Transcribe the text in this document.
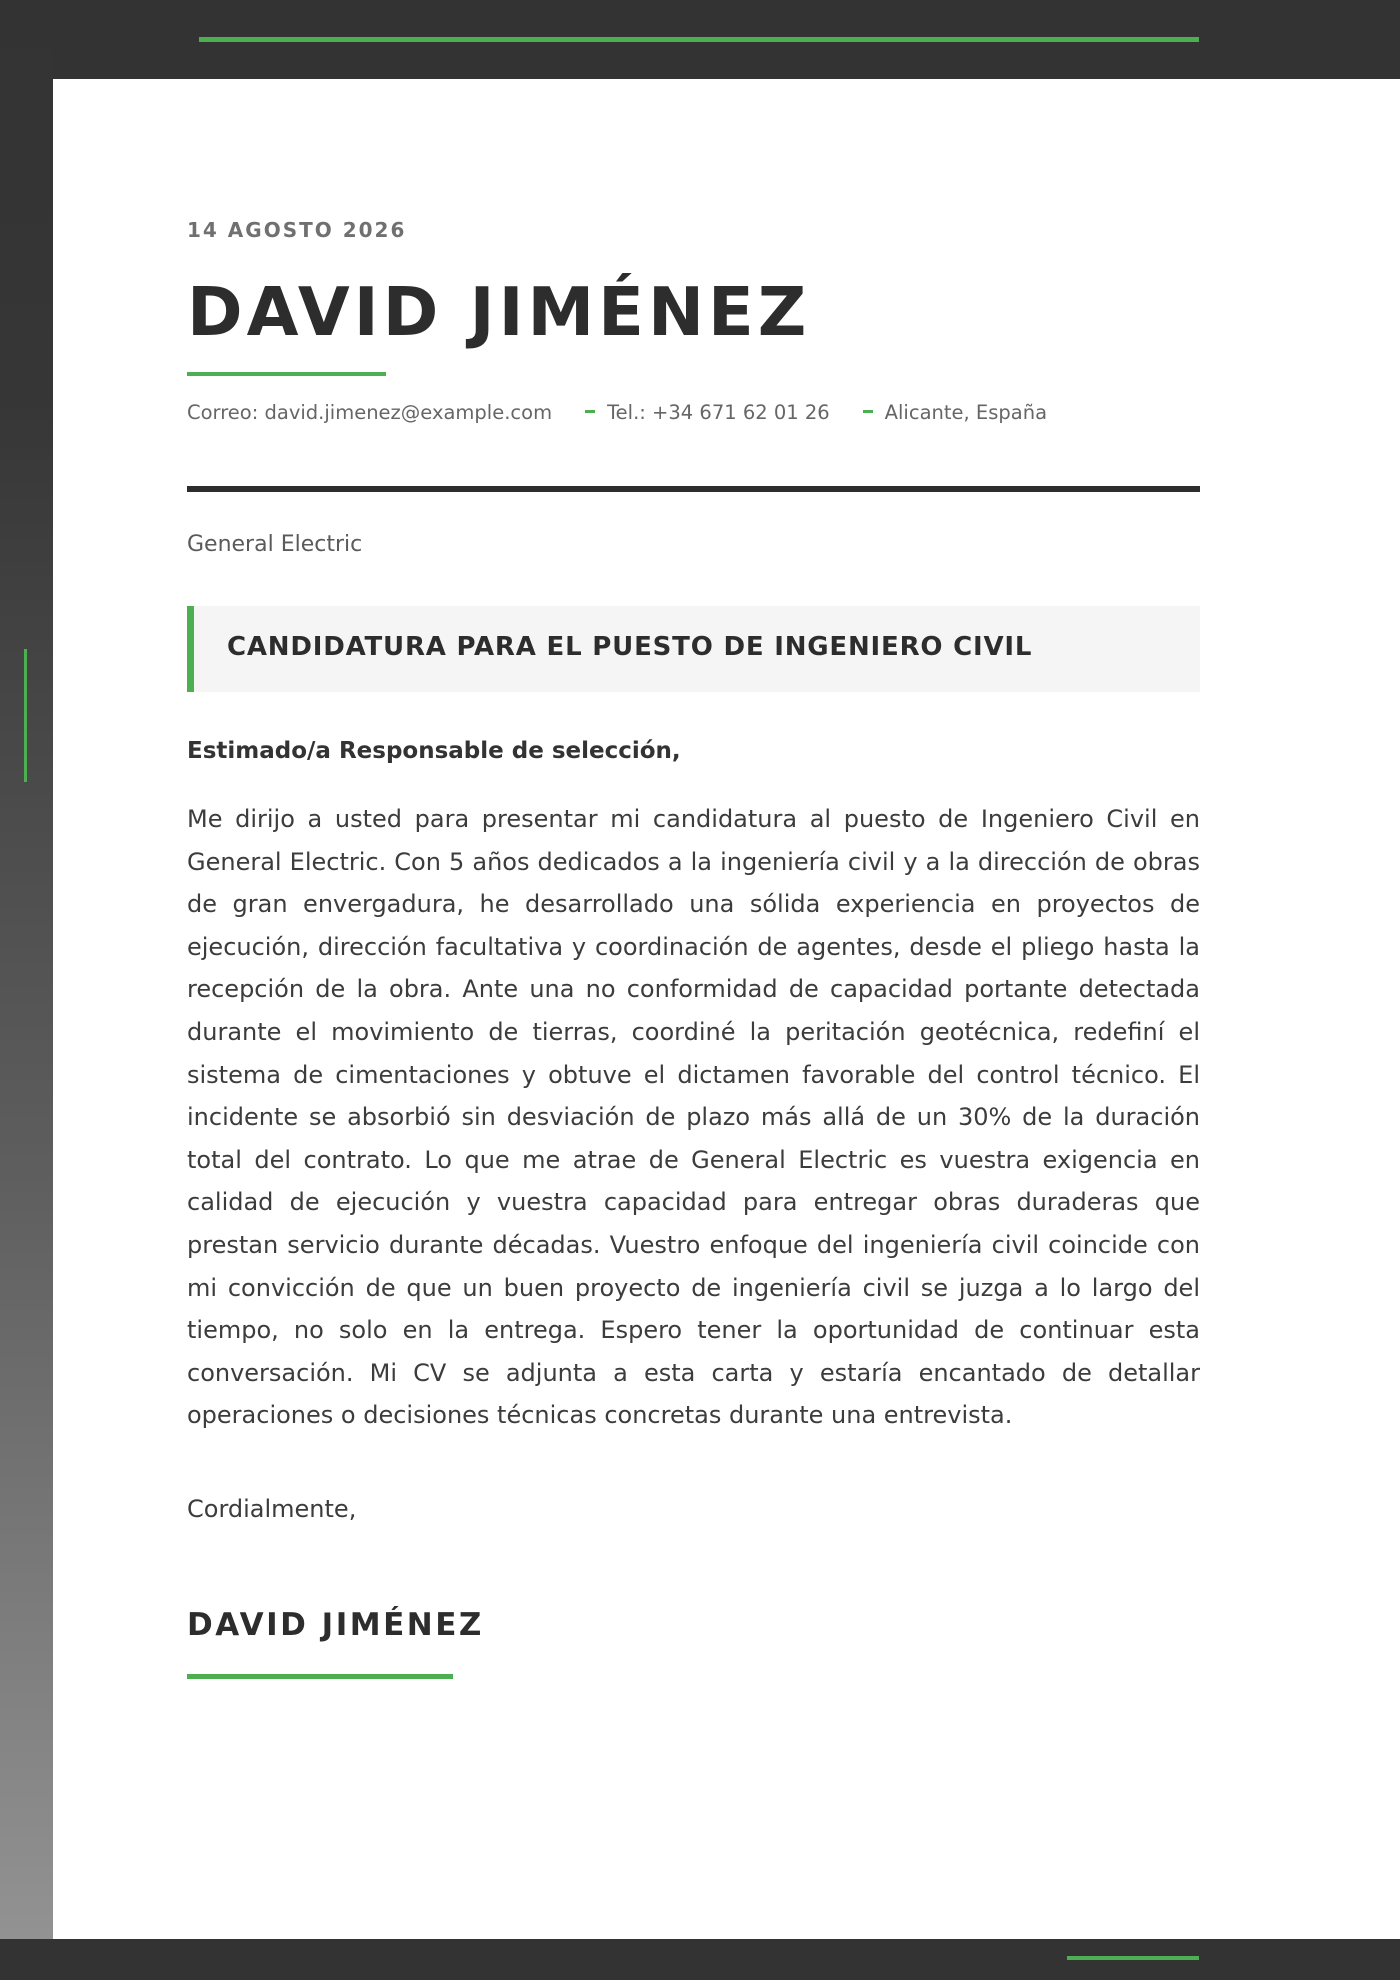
14 AGOSTO 2026
DAVID JIMÉNEZ
Correo: david.jimenez@example.com	Tel.: +34 671 62 01 26	Alicante, España
General Electric
CANDIDATURA PARA EL PUESTO DE INGENIERO CIVIL
Estimado/a Responsable de selección,

Me dirijo a usted para presentar mi candidatura al puesto de Ingeniero Civil en General Electric. Con 5 años dedicados a la ingeniería civil y a la dirección de obras de gran envergadura, he desarrollado una sólida experiencia en proyectos de ejecución, dirección facultativa y coordinación de agentes, desde el pliego hasta la recepción de la obra. Ante una no conformidad de capacidad portante detectada durante el movimiento de tierras, coordiné la peritación geotécnica, redefiní el sistema de cimentaciones y obtuve el dictamen favorable del control técnico. El incidente se absorbió sin desviación de plazo más allá de un 30% de la duración total del contrato. Lo que me atrae de General Electric es vuestra exigencia en calidad de ejecución y vuestra capacidad para entregar obras duraderas que prestan servicio durante décadas. Vuestro enfoque del ingeniería civil coincide con mi convicción de que un buen proyecto de ingeniería civil se juzga a lo largo del tiempo, no solo en la entrega. Espero tener la oportunidad de continuar esta conversación. Mi CV se adjunta a esta carta y estaría encantado de detallar operaciones o decisiones técnicas concretas durante una entrevista.

Cordialmente,
DAVID JIMÉNEZ
